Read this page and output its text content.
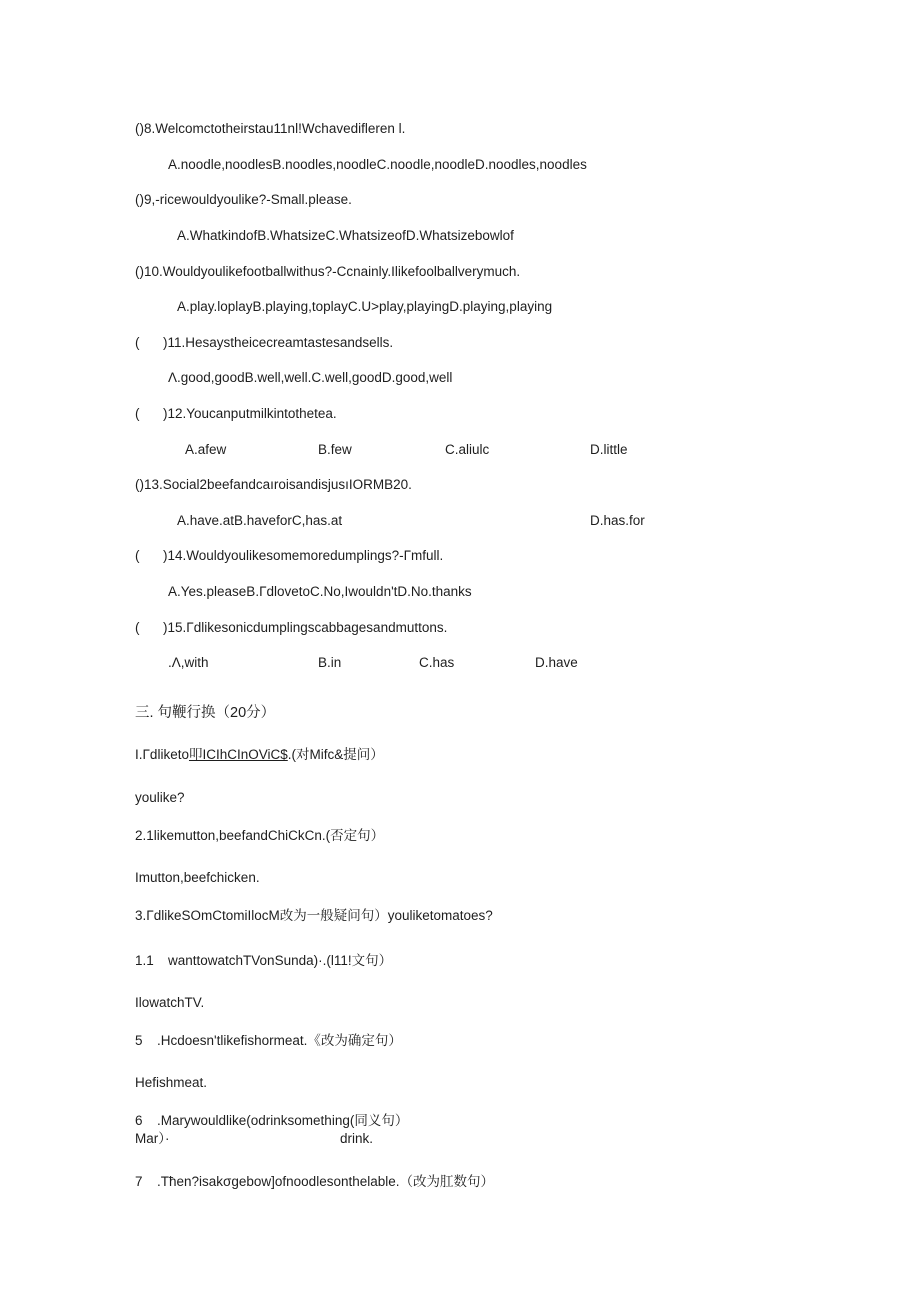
()8.Welcomctotheirstau11nl!Wchavedifleren l.
A.noodle,noodlesB.noodles,noodleC.noodle,noodleD.noodles,noodles
()9,-ricewouldyoulike?-Small.please.
A.WhatkindofB.WhatsizeC.WhatsizeofD.Whatsizebowlof
()10.Wouldyoulikefootballwithus?-Ccnainly.Ilikefoolballverymuch.
A.play.loplayB.playing,toplayC.U>play,playingD.playing,playing
( )11.Hesaystheicecreamtastesandsells.
Λ.good,goodB.well,well.C.well,goodD.good,well
( )12.Youcanputmilkintothetea.
A.afew	B.few	C.aliulc	D.little
()13.Social2beefandcaıroisandisjusıIORMB20.
A.have.atB.haveforC,has.at	D.has.for
( )14.Wouldyoulikesomemoredumplings?-Γmfull.
A.Yes.pleaseB.ΓdlovetoC.No,Iwouldn'tD.No.thanks
( )15.Γdlikesonicdumplingscabbagesandmuttons.
.Λ,with	B.in	C.has	D.have
三. 句鞭行换（20分）
I.Γdliketo叩ICIhCInOViC$.(对Mifc&提问）
youlike?
2.1likemutton,beefandChiCkCn.(否定句）
Imutton,beefchicken.
3.ΓdlikeSOmCtomiIlocM改为一般疑问句）youliketomatoes?
1.1 wanttowatchTVonSunda)·.(l11!文句）
IlowatchTV.
5 .Hcdoesn'tlikefishormeat.《改为确定句）
Hefishmeat.
6 .Marywouldlike(odrinksomething(同义句）
Mar）·	drink.
7 .Tħen?isakσgebow]ofnoodlesonthelable.（改为肛数句）
